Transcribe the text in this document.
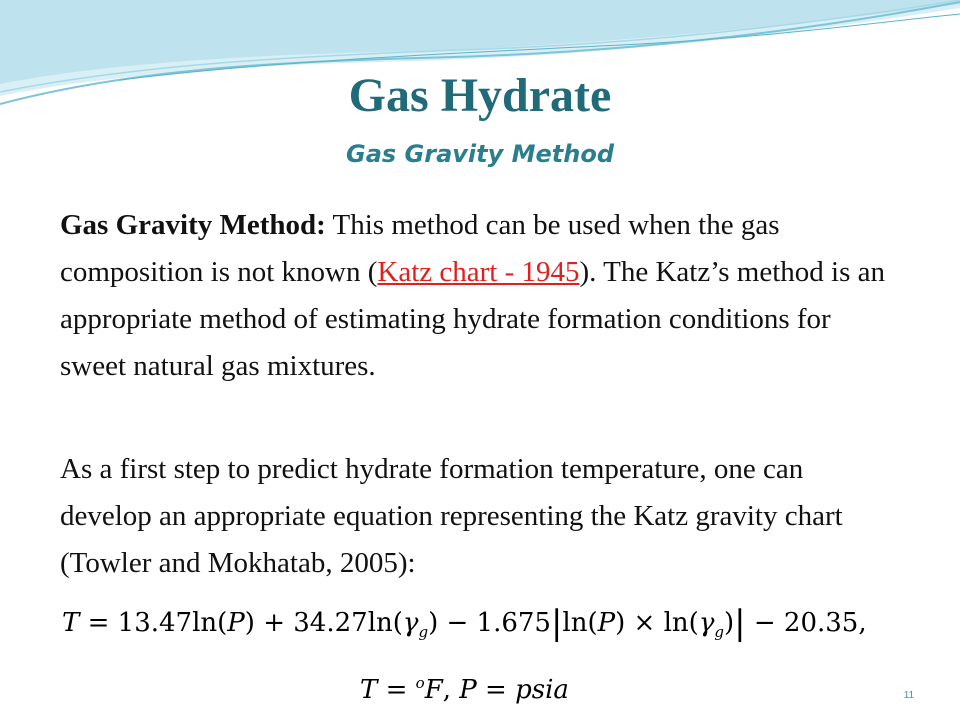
Gas Hydrate
Gas Gravity Method

Gas Gravity Method: This method can be used when the gas composition is not known (Katz chart - 1945). The Katz’s method is an appropriate method of estimating hydrate formation conditions for sweet natural gas mixtures.

As a first step to predict hydrate formation temperature, one can develop an appropriate equation representing the Katz gravity chart (Towler and Mokhatab, 2005):

$T = 13.47\ln(P) + 34.27\ln(\gamma_g) - 1.675|\ln(P) \times \ln(\gamma_g)| - 20.35$,
T = $^o$F, P = psia	11
